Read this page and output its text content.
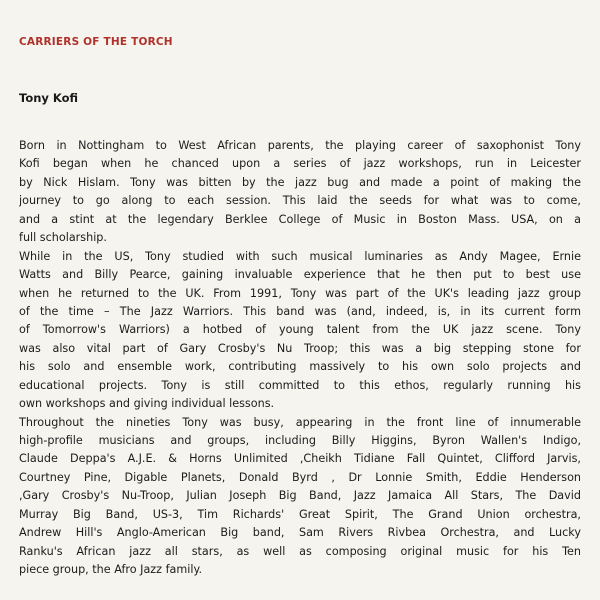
CARRIERS OF THE TORCH
Tony Kofi
Born in Nottingham to West African parents, the playing career of saxophonist Tony
Kofi began when he chanced upon a series of jazz workshops, run in Leicester
by Nick Hislam. Tony was bitten by the jazz bug and made a point of making the
journey to go along to each session. This laid the seeds for what was to come,
and a stint at the legendary Berklee College of Music in Boston Mass. USA, on a
full scholarship.
While in the US, Tony studied with such musical luminaries as Andy Magee, Ernie
Watts and Billy Pearce, gaining invaluable experience that he then put to best use
when he returned to the UK. From 1991, Tony was part of the UK's leading jazz group
of the time – The Jazz Warriors. This band was (and, indeed, is, in its current form
of Tomorrow's Warriors) a hotbed of young talent from the UK jazz scene. Tony
was also vital part of Gary Crosby's Nu Troop; this was a big stepping stone for
his solo and ensemble work, contributing massively to his own solo projects and
educational projects. Tony is still committed to this ethos, regularly running his
own workshops and giving individual lessons.
Throughout the nineties Tony was busy, appearing in the front line of innumerable
high-profile musicians and groups, including Billy Higgins, Byron Wallen's Indigo,
Claude Deppa's A.J.E. & Horns Unlimited ,Cheikh Tidiane Fall Quintet, Clifford Jarvis,
Courtney Pine, Digable Planets, Donald Byrd , Dr Lonnie Smith, Eddie Henderson
,Gary Crosby's Nu-Troop, Julian Joseph Big Band, Jazz Jamaica All Stars, The David
Murray Big Band, US-3, Tim Richards' Great Spirit, The Grand Union orchestra,
Andrew Hill's Anglo-American Big band, Sam Rivers Rivbea Orchestra, and Lucky
Ranku's African jazz all stars, as well as composing original music for his Ten
piece group, the Afro Jazz family.
